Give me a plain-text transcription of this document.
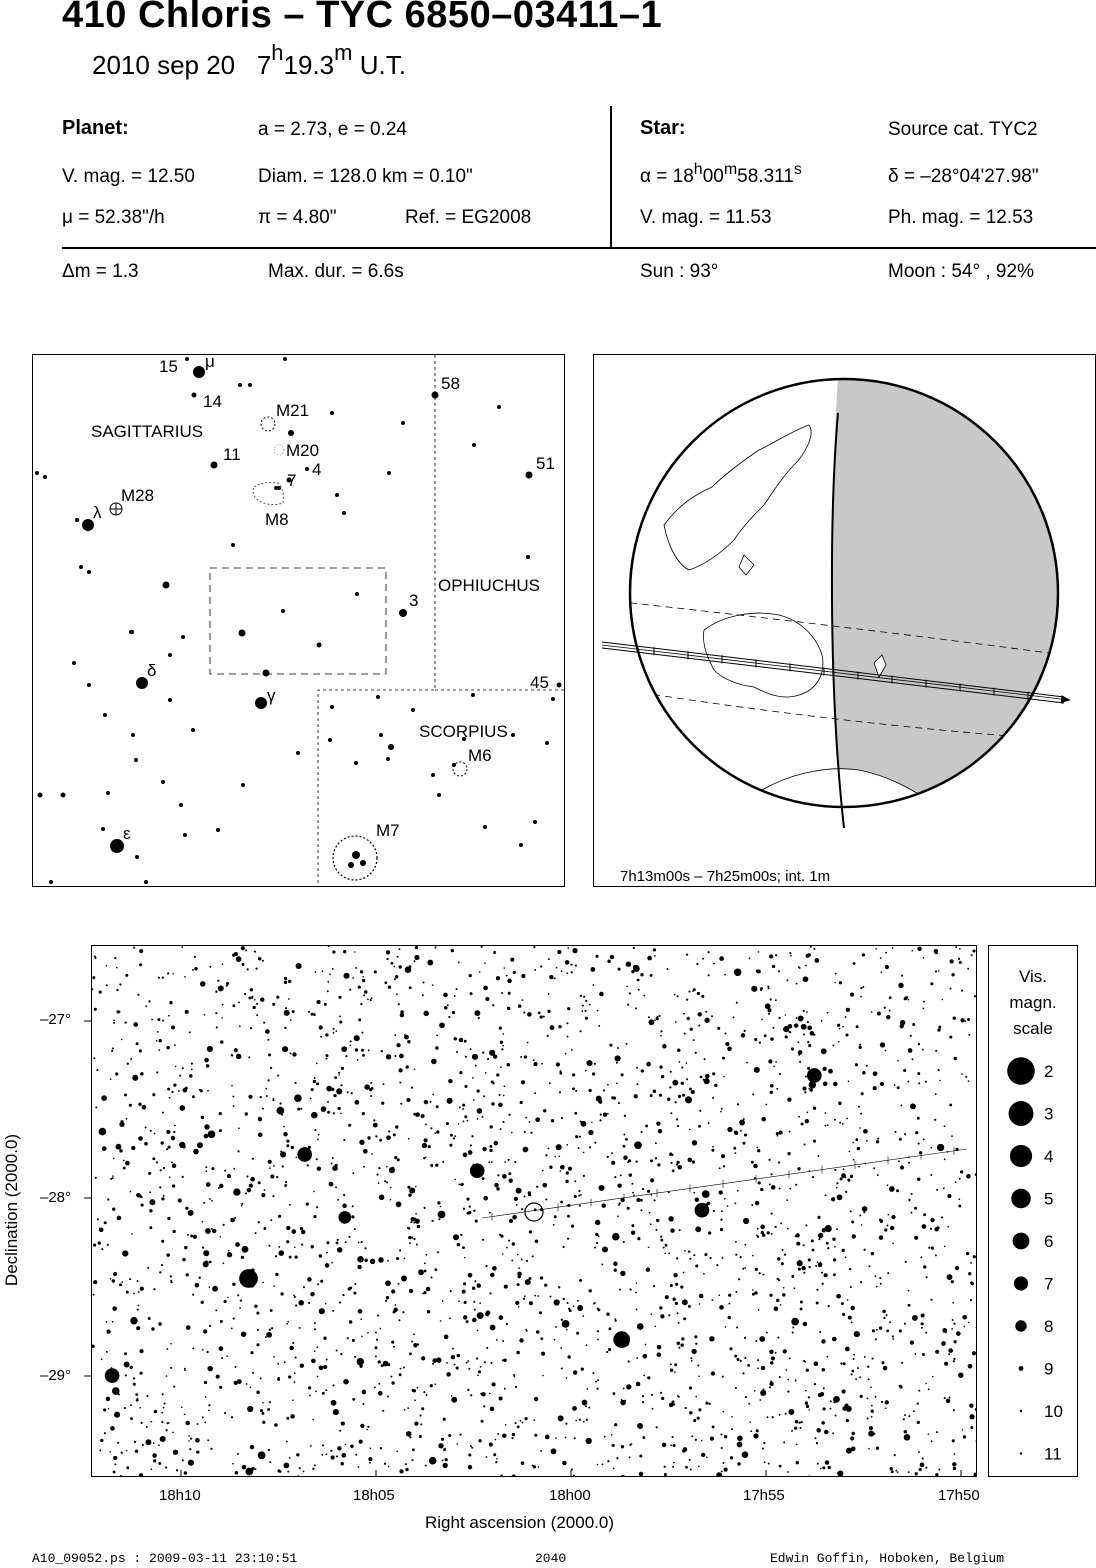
410 Chloris – TYC 6850–03411–1
2010 sep 20 7$^h$19.3$^m$ U.T.
Planet:	a = 2.73, e = 0.24
V. mag. = 12.50	Diam. = 128.0 km = 0.10"
μ = 52.38"/h	π = 4.80"	Ref. = EG2008
Star:	Source cat. TYC2
$\alpha = 18^h00^m58.311^s$	δ = –28°04'27.98"
V. mag. = 11.53	Ph. mag. = 12.53
Δm = 1.3	Max. dur. = 6.6s	Sun : 93°	Moon : 54° , 92%
SAGITTARIUS
OPHIUCHUS
SCORPIUS
15 μ
14	M21
58
M20
11
4
7
51
M28
λ	M8
3
δ
45
γ
M6
ε	M7
7h13m00s – 7h25m00s; int. 1m
–27°
–28°
–29°
18h10	18h05	18h00	17h55	17h50
Right ascension (2000.0)
Declination (2000.0)
Vis.
magn.
scale
2
3
4
5
6
7
8
9
10
11
A10_09052.ps : 2009-03-11 23:10:51	2040	Edwin Goffin, Hoboken, Belgium
